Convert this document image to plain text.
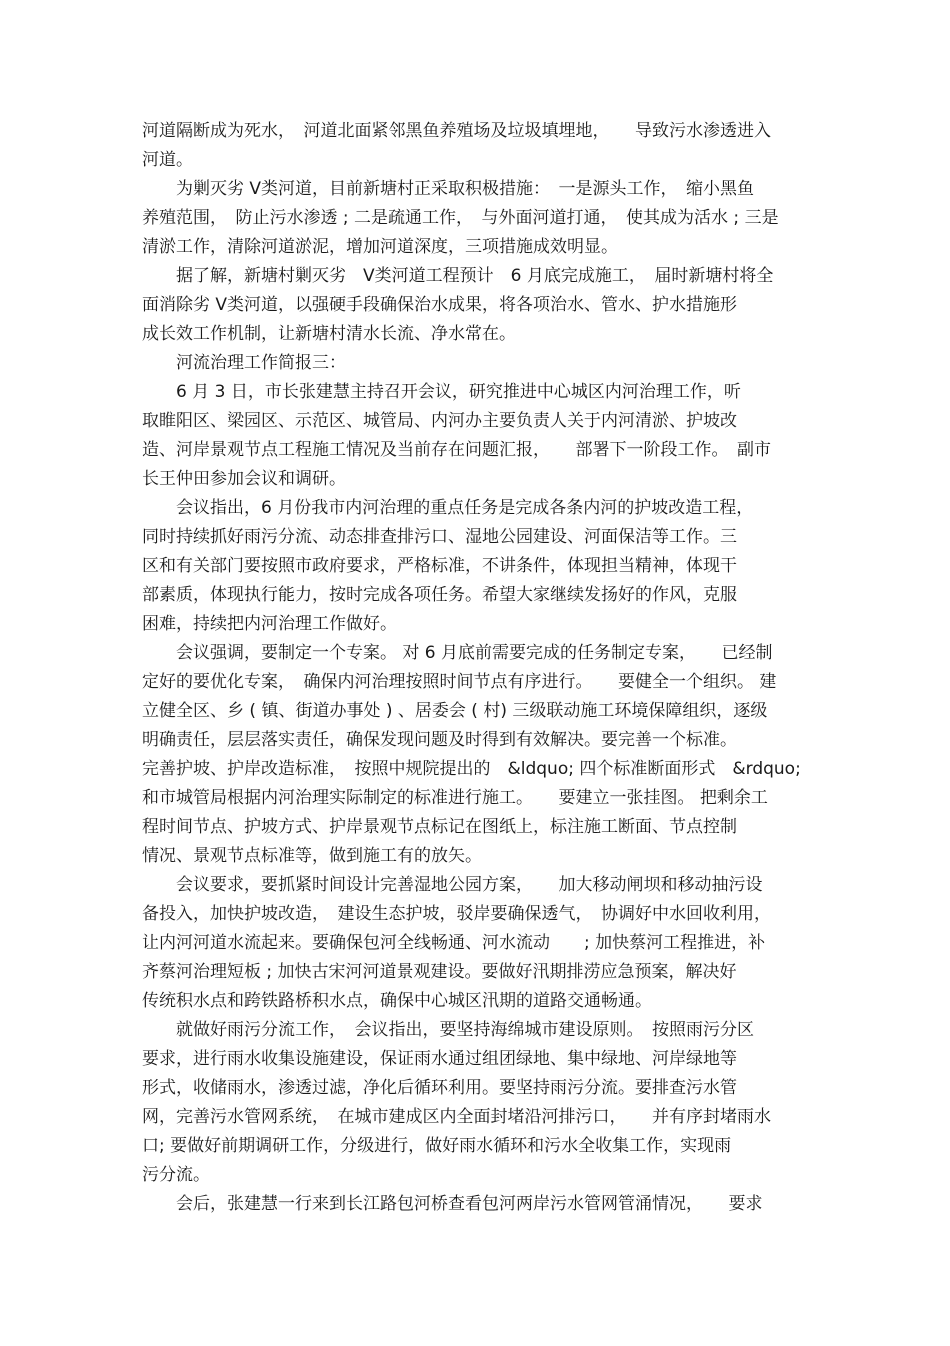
河道隔断成为死水，　河道北面紧邻黑鱼养殖场及垃圾填埋地，　　导致污水渗透进入
河道。
　　为剿灭劣 Ⅴ类河道，目前新塘村正采取积极措施：　一是源头工作，　缩小黑鱼
养殖范围，　防止污水渗透 ; 二是疏通工作，　与外面河道打通，　使其成为活水 ; 三是
清淤工作，清除河道淤泥，增加河道深度，三项措施成效明显。
　　据了解，新塘村剿灭劣　Ⅴ类河道工程预计　6 月底完成施工，　届时新塘村将全
面消除劣 Ⅴ类河道，以强硬手段确保治水成果，将各项治水、管水、护水措施形
成长效工作机制，让新塘村清水长流、净水常在。
　　河流治理工作简报三：
　　6 月 3 日，市长张建慧主持召开会议，研究推进中心城区内河治理工作，听
取睢阳区、梁园区、示范区、城管局、内河办主要负责人关于内河清淤、护坡改
造、河岸景观节点工程施工情况及当前存在问题汇报，　　部署下一阶段工作。　副市
长王仲田参加会议和调研。
　　会议指出，6 月份我市内河治理的重点任务是完成各条内河的护坡改造工程，
同时持续抓好雨污分流、动态排查排污口、湿地公园建设、河面保洁等工作。三
区和有关部门要按照市政府要求，严格标准，不讲条件，体现担当精神，体现干
部素质，体现执行能力，按时完成各项任务。希望大家继续发扬好的作风，克服
困难，持续把内河治理工作做好。
　　会议强调，要制定一个专案。 对 6 月底前需要完成的任务制定专案，　　已经制
定好的要优化专案，　确保内河治理按照时间节点有序进行。　　要健全一个组织。 建
立健全区、乡 ( 镇、街道办事处 ) 、居委会 ( 村) 三级联动施工环境保障组织，逐级
明确责任，层层落实责任，确保发现问题及时得到有效解决。要完善一个标准。
完善护坡、护岸改造标准，　按照中规院提出的　&ldquo; 四个标准断面形式　&rdquo;
和市城管局根据内河治理实际制定的标准进行施工。　　要建立一张挂图。 把剩余工
程时间节点、护坡方式、护岸景观节点标记在图纸上，标注施工断面、节点控制
情况、景观节点标准等，做到施工有的放矢。
　　会议要求，要抓紧时间设计完善湿地公园方案，　　加大移动闸坝和移动抽污设
备投入，加快护坡改造，　建设生态护坡，驳岸要确保透气，　协调好中水回收利用，
让内河河道水流起来。要确保包河全线畅通、河水流动　　; 加快蔡河工程推进，补
齐蔡河治理短板 ; 加快古宋河河道景观建设。要做好汛期排涝应急预案，解决好
传统积水点和跨铁路桥积水点，确保中心城区汛期的道路交通畅通。
　　就做好雨污分流工作，　会议指出，要坚持海绵城市建设原则。　按照雨污分区
要求，进行雨水收集设施建设，保证雨水通过组团绿地、集中绿地、河岸绿地等
形式，收储雨水，渗透过滤，净化后循环利用。要坚持雨污分流。要排查污水管
网，完善污水管网系统，　在城市建成区内全面封堵沿河排污口，　　并有序封堵雨水
口; 要做好前期调研工作，分级进行，做好雨水循环和污水全收集工作，实现雨
污分流。
　　会后，张建慧一行来到长江路包河桥查看包河两岸污水管网管涌情况，　　要求
